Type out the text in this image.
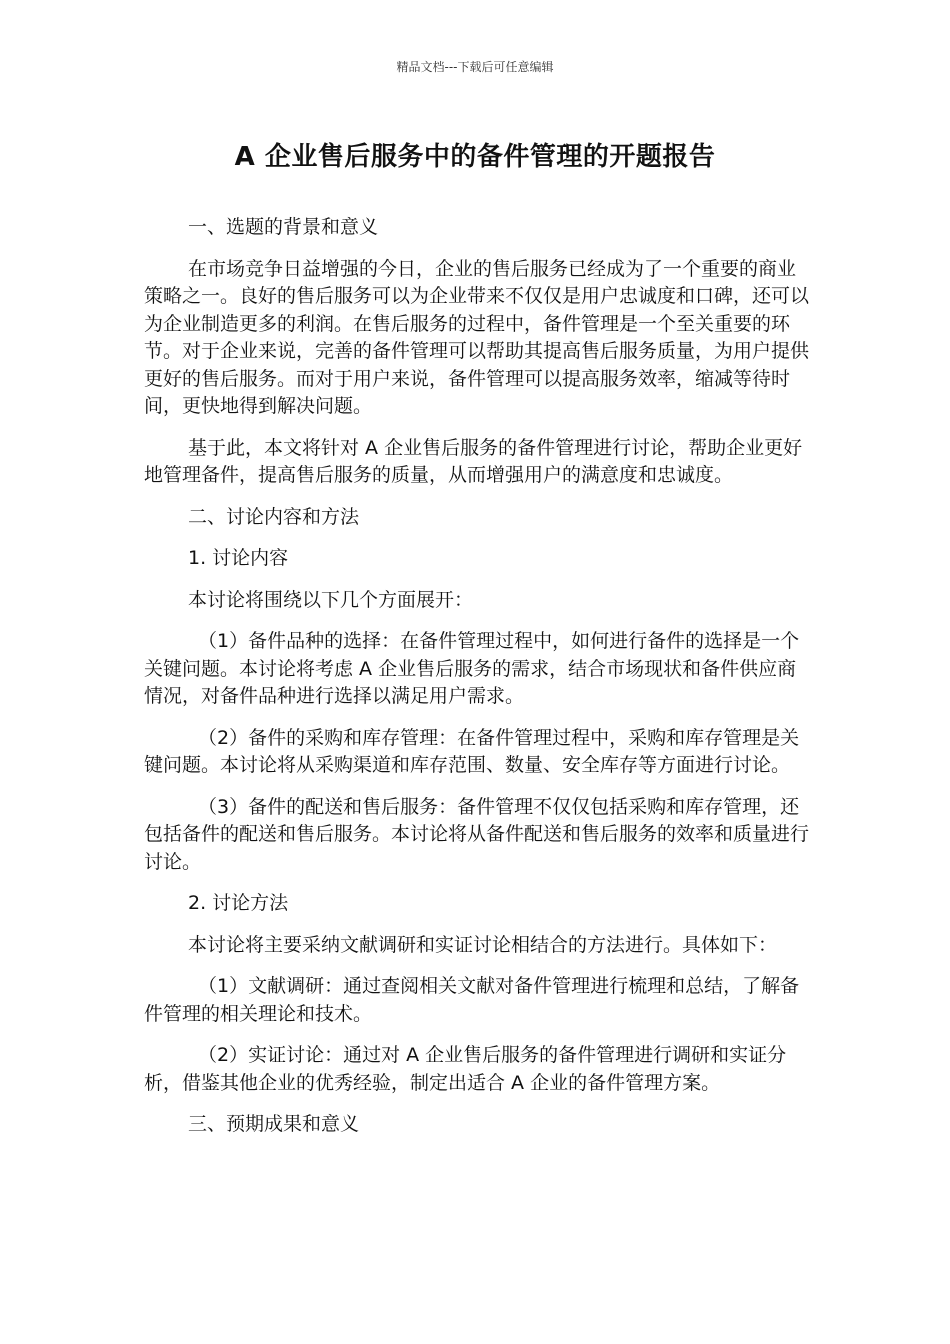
精品文档---下载后可任意编辑
A 企业售后服务中的备件管理的开题报告

一、选题的背景和意义

在市场竞争日益增强的今日，企业的售后服务已经成为了一个重要的商业策略之一。良好的售后服务可以为企业带来不仅仅是用户忠诚度和口碑，还可以为企业制造更多的利润。在售后服务的过程中，备件管理是一个至关重要的环节。对于企业来说，完善的备件管理可以帮助其提高售后服务质量，为用户提供更好的售后服务。而对于用户来说，备件管理可以提高服务效率，缩减等待时间，更快地得到解决问题。

基于此，本文将针对 A 企业售后服务的备件管理进行讨论，帮助企业更好地管理备件，提高售后服务的质量，从而增强用户的满意度和忠诚度。

二、讨论内容和方法

1. 讨论内容

本讨论将围绕以下几个方面展开：

（1）备件品种的选择：在备件管理过程中，如何进行备件的选择是一个关键问题。本讨论将考虑 A 企业售后服务的需求，结合市场现状和备件供应商情况，对备件品种进行选择以满足用户需求。

（2）备件的采购和库存管理：在备件管理过程中，采购和库存管理是关键问题。本讨论将从采购渠道和库存范围、数量、安全库存等方面进行讨论。

（3）备件的配送和售后服务：备件管理不仅仅包括采购和库存管理，还包括备件的配送和售后服务。本讨论将从备件配送和售后服务的效率和质量进行讨论。

2. 讨论方法

本讨论将主要采纳文献调研和实证讨论相结合的方法进行。具体如下：

（1）文献调研：通过查阅相关文献对备件管理进行梳理和总结，了解备件管理的相关理论和技术。

（2）实证讨论：通过对 A 企业售后服务的备件管理进行调研和实证分析，借鉴其他企业的优秀经验，制定出适合 A 企业的备件管理方案。

三、预期成果和意义
